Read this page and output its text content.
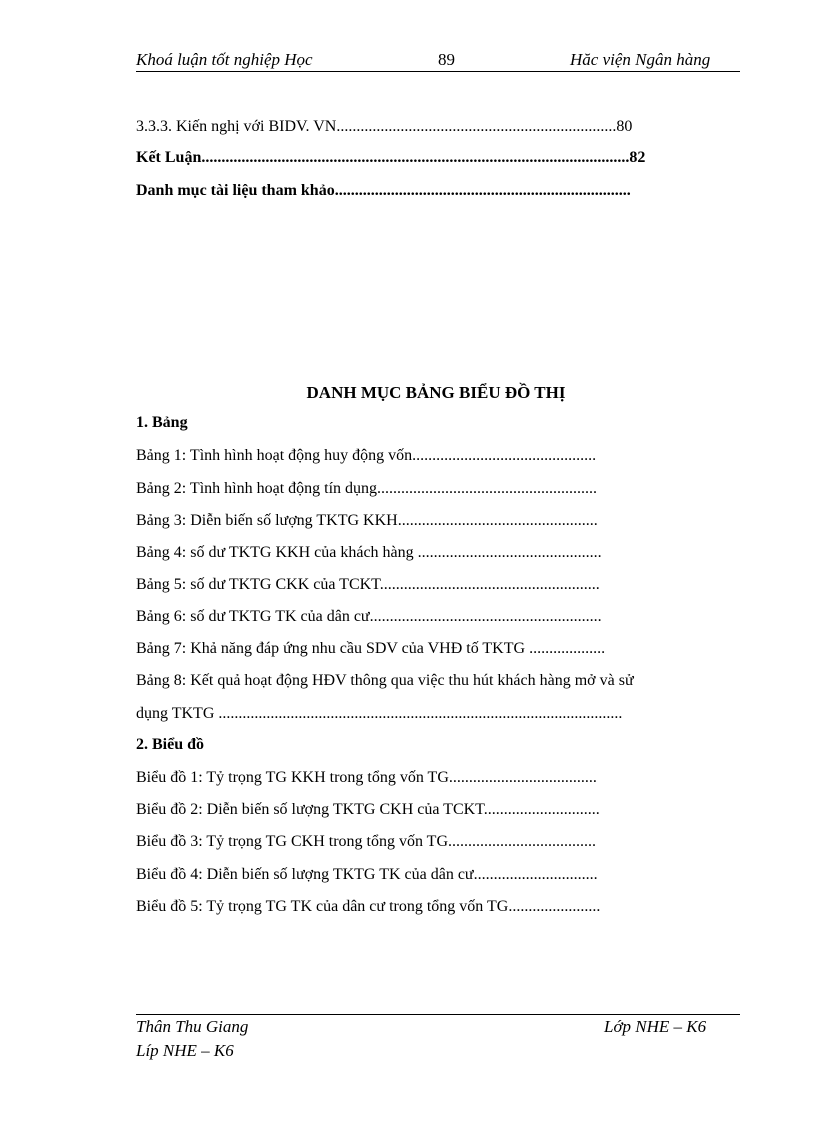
Khoá luận tốt nghiệp Học	89	Hăc viện Ngân hàng
3.3.3. Kiến nghị với BIDV. VN......................................................................80
Kết Luận...........................................................................................................82
Danh mục tài liệu tham khảo..........................................................................
DANH MỤC BẢNG BIỂU ĐỒ THỊ
1. Bảng
Bảng 1: Tình hình hoạt động huy động vốn..............................................
Bảng 2: Tình hình hoạt động tín dụng.......................................................
Bảng 3: Diễn biến số lượng TKTG KKH..................................................
Bảng 4: số dư TKTG KKH của khách hàng ..............................................
Bảng 5: số dư TKTG CKK của TCKT.......................................................
Bảng 6: số dư TKTG TK của dân cư..........................................................
Bảng 7: Khả năng đáp ứng nhu cầu SDV của VHĐ tố TKTG ...................
Bảng 8: Kết quả hoạt động HĐV thông qua việc thu hút khách hàng mở và sử
dụng TKTG .....................................................................................................
2. Biểu đồ
Biểu đồ 1: Tỷ trọng TG KKH trong tổng vốn TG.....................................
Biểu đồ 2: Diễn biến số lượng TKTG CKH của TCKT.............................
Biểu đồ 3: Tỷ trọng TG CKH trong tổng vốn TG.....................................
Biểu đồ 4: Diễn biến số lượng TKTG TK của dân cư...............................
Biểu đồ 5: Tỷ trọng TG TK của dân cư trong tổng vốn TG.......................
Thân Thu Giang	Lớp NHE – K6
Líp NHE – K6
